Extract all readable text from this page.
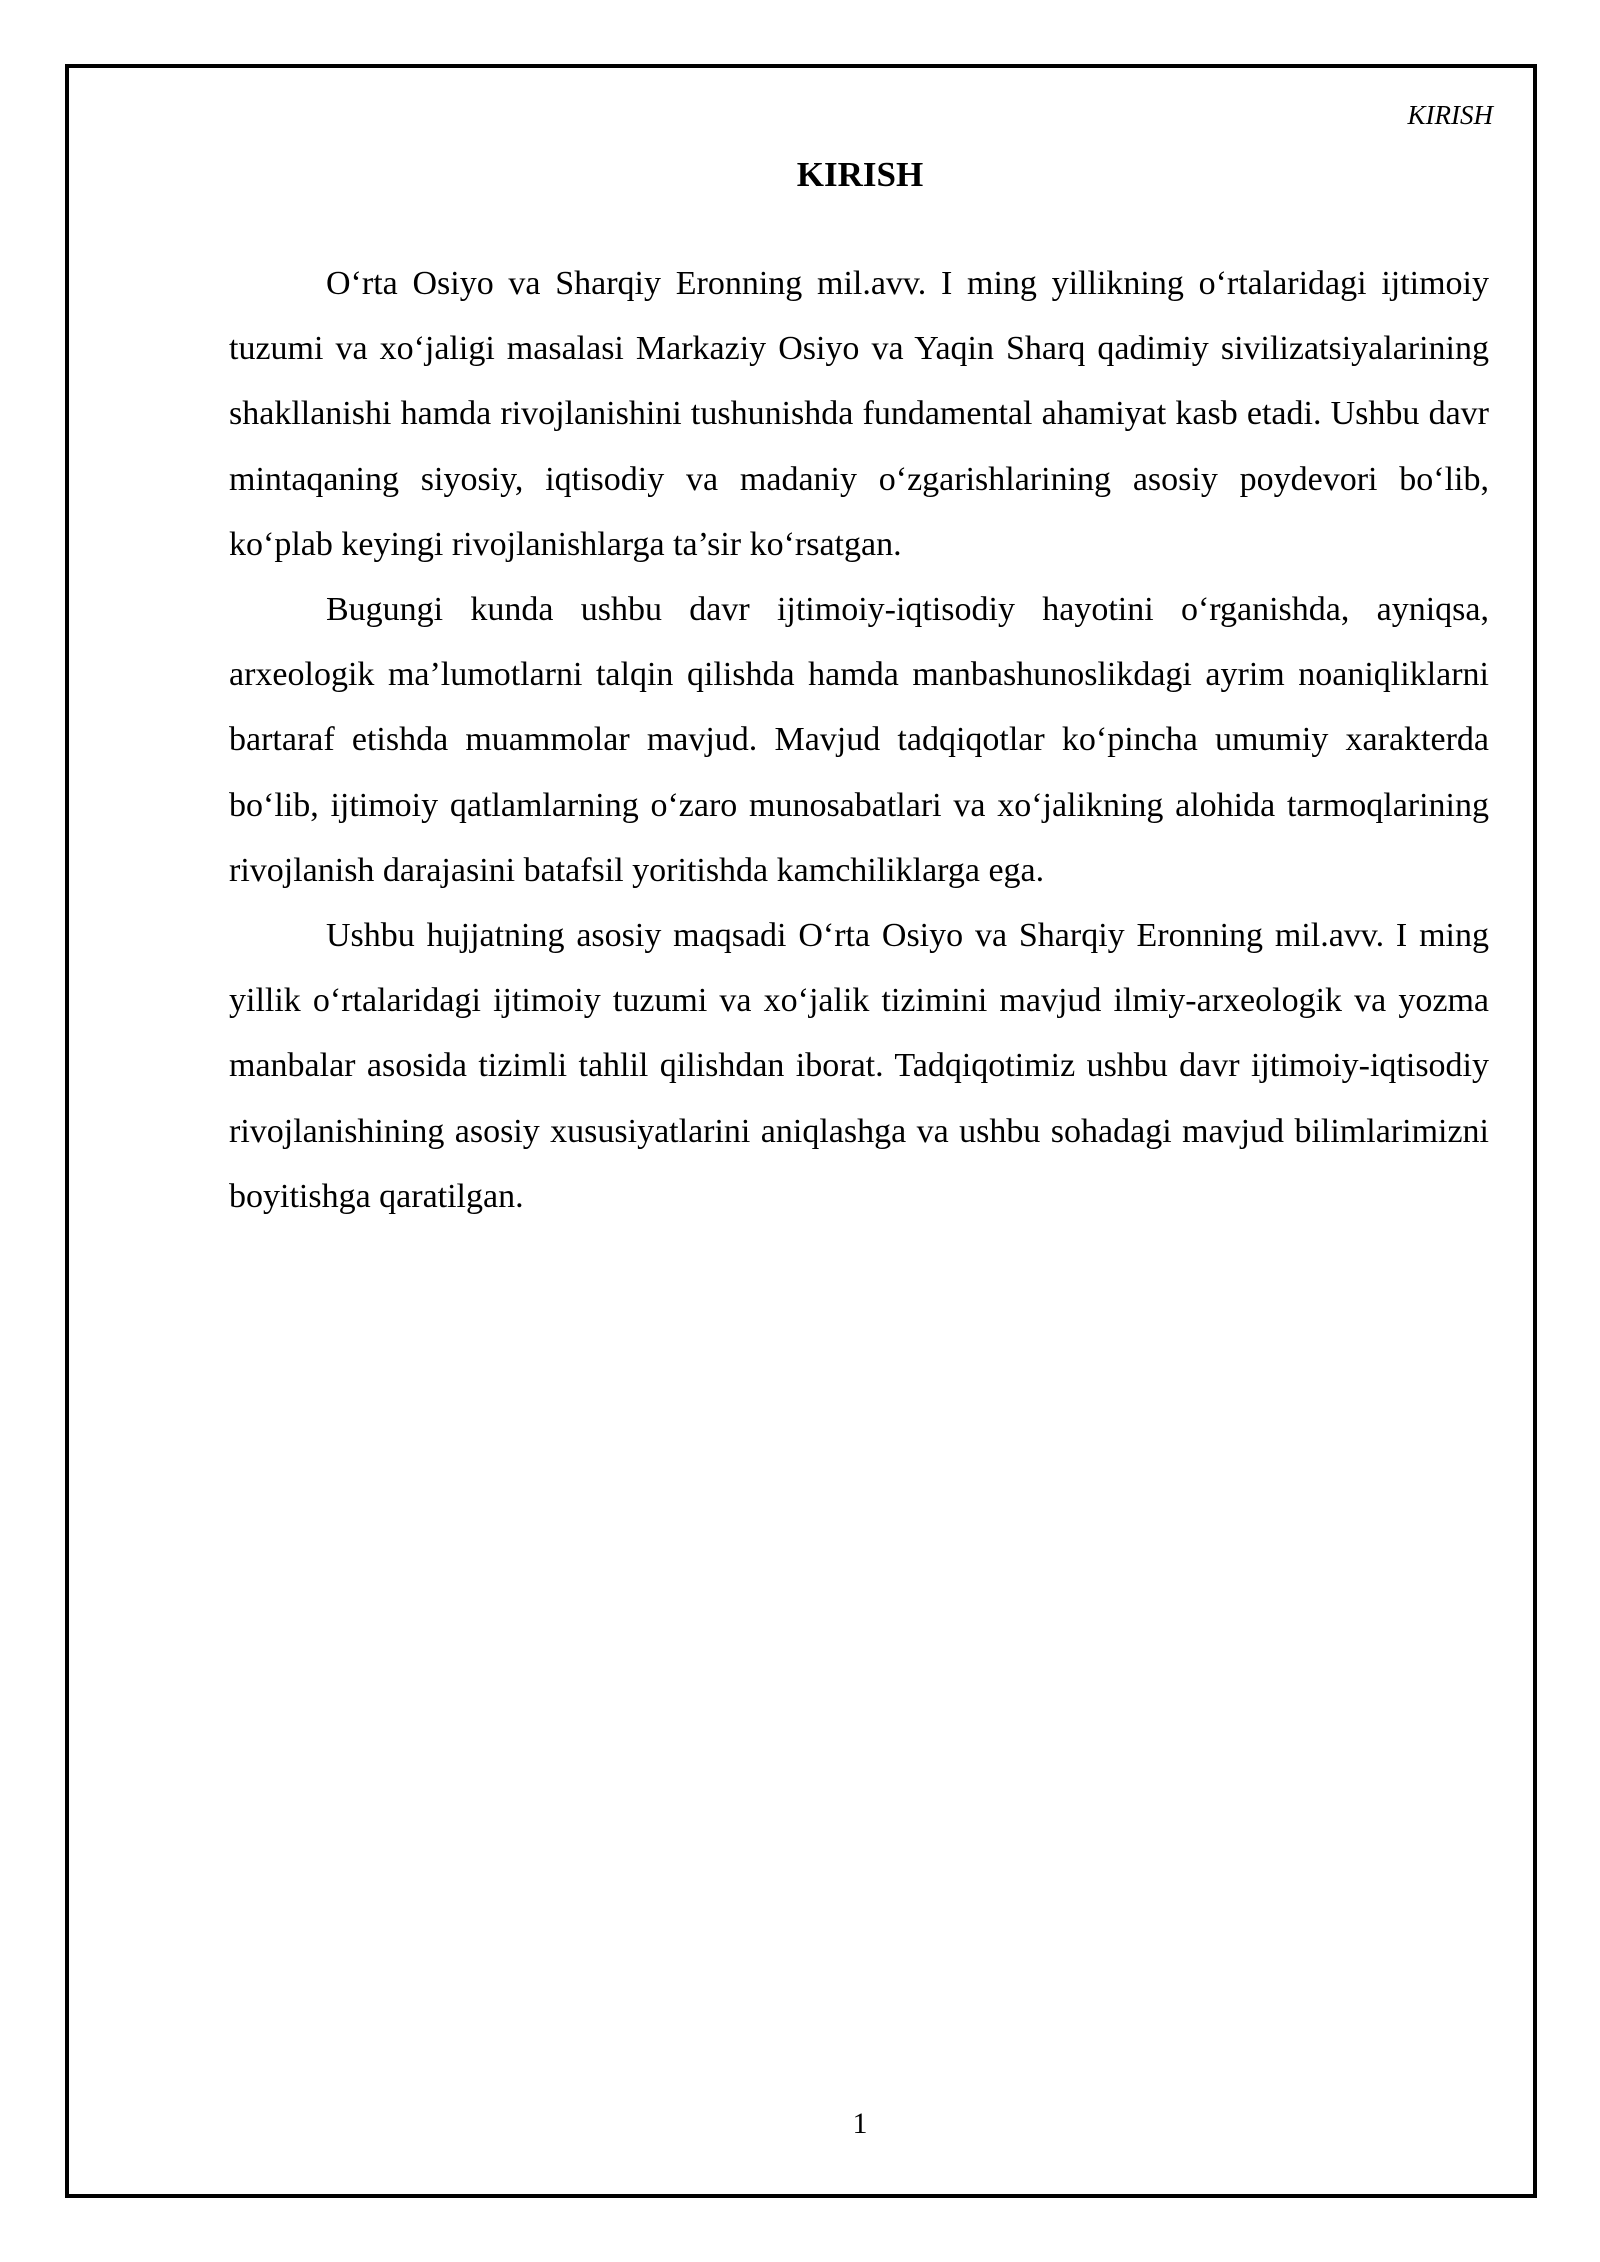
KIRISH
KIRISH

O‘rta Osiyo va Sharqiy Eronning mil.avv. I ming yillikning o‘rtalaridagi ijtimoiy tuzumi va xo‘jaligi masalasi Markaziy Osiyo va Yaqin Sharq qadimiy sivilizatsiyalarining shakllanishi hamda rivojlanishini tushunishda fundamental ahamiyat kasb etadi. Ushbu davr mintaqaning siyosiy, iqtisodiy va madaniy o‘zgarishlarining asosiy poydevori bo‘lib, ko‘plab keyingi rivojlanishlarga ta’sir ko‘rsatgan.

Bugungi kunda ushbu davr ijtimoiy-iqtisodiy hayotini o‘rganishda, ayniqsa, arxeologik ma’lumotlarni talqin qilishda hamda manbashunoslikdagi ayrim noaniqliklarni bartaraf etishda muammolar mavjud. Mavjud tadqiqotlar ko‘pincha umumiy xarakterda bo‘lib, ijtimoiy qatlamlarning o‘zaro munosabatlari va xo‘jalikning alohida tarmoqlarining rivojlanish darajasini batafsil yoritishda kamchiliklarga ega.

Ushbu hujjatning asosiy maqsadi O‘rta Osiyo va Sharqiy Eronning mil.avv. I ming yillik o‘rtalaridagi ijtimoiy tuzumi va xo‘jalik tizimini mavjud ilmiy-arxeologik va yozma manbalar asosida tizimli tahlil qilishdan iborat. Tadqiqotimiz ushbu davr ijtimoiy-iqtisodiy rivojlanishining asosiy xususiyatlarini aniqlashga va ushbu sohadagi mavjud bilimlarimizni boyitishga qaratilgan.

1
